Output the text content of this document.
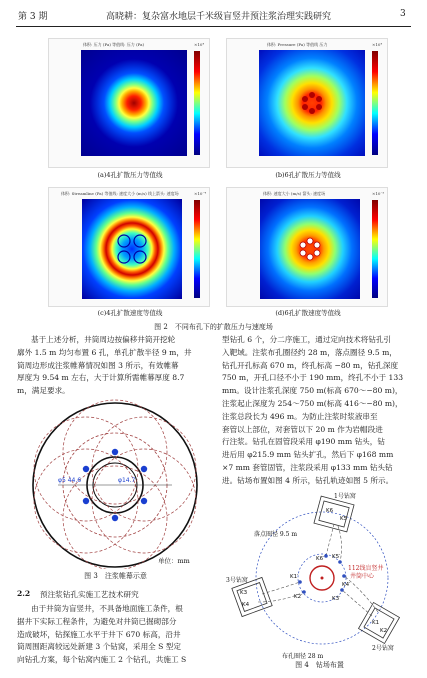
第 3 期	高晓耕：复杂富水地层千米级盲竖井预注浆治理实践研究	3
体积: 压力 (Pa) 等值线: 压力 (Pa)	×10⁴	体积: Pressure (Pa) 等值线 压力	×10⁴
体积: Streamline (Pa) 等值线: 速度大小 (m/s) 线上箭头: 速度场	×10⁻⁴	体积: 速度大小 (m/s) 箭头: 速度场	×10⁻³
(a)4孔扩散压力等值线	(b)6孔扩散压力等值线
(c)4孔扩散速度等值线	(d)6孔扩散速度等值线
图 2　不同布孔下的扩散压力与速度场
基于上述分析，井筒周边按偏移井筒开挖轮
廓外 1.5 m 均匀布置 6 孔，单孔扩散半径 9 m，井
筒周边形成注浆帷幕情况如图 3 所示，有效帷幕
厚度为 9.54 m 左右，大于计算所需帷幕厚度 8.7
m，满足要求。
φ5 44.6	φ14.7
单位：mm
图 3　注浆帷幕示意
2.2 预注浆钻孔实施工艺技术研究
由于井筒为盲竖井，不具备地面施工条件，根
据井下实际工程条件，为避免对井筒已掘砌部分
造成破坏，钻探施工水平于井下 670 标高，沿井
筒周围距离较远处新建 3 个钻窝，采用全 S 型定
向钻孔方案，每个钻窝内施工 2 个钻孔，共施工 S
型钻孔 6 个，分二序施工，通过定向技术将钻孔引
入靶域。注浆布孔圈径约 28 m，落点圈径 9.5 m，
钻孔开孔标高 670 m，终孔标高 −80 m，钻孔深度
750 m，开孔口径不小于 190 mm，终孔不小于 133
mm。设计注浆孔深度 750 m(标高 670～−80 m)，
注浆起止深度为 254～750 m(标高 416～−80 m)，
注浆总段长为 496 m。为防止注浆时浆液串至
套管以上部位，对套管以下 20 m 作为岩帽段进
行注浆。钻孔在固管段采用 φ190 mm 钻头，钻
进后用 φ215.9 mm 钻头扩孔，然后下 φ168 mm
×7 mm 套管固管，注浆段采用 φ133 mm 钻头钻
进。钻场布置如图 4 所示，钻孔轨迹如图 5 所示。
1号钻窝
3号钻窝
2号钻窝
落点圈径 9.5 m
布孔圈径 28 m
112线盲竖井
井筒中心
K6
K5
K6′ K5′
K1′
K2′	K3′
K4′
K3
K4
K1
K2
图 4　钻场布置
